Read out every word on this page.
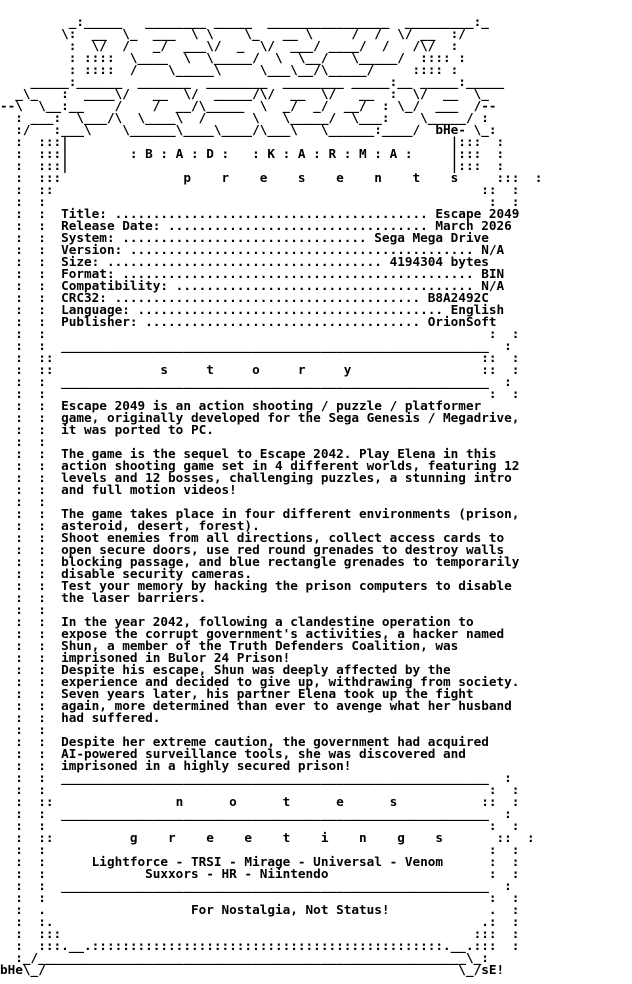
_:_____   ________ _____  ________________  _________:_
\:  __  \_  ___  \ \    \_   __ \     /  /  \/ __  :/
:  \/  /   _/  ___\/  _  \/  ___/ ____/  /   /\/  :
: ::::  \____  \  \_____/  \  \__/   \_____/  :::: :
: ::::  /    \_____\     \___\__/\_____/     :::: :
_____:______  _______  ________  ________ _____:__ _____:_____
_\_   :  ____\/   __  \/  _____/\/  __  \/   __  :  \/  __  \_
--\  \__:__    /    /  __/\_____  \  _/  _/  __/  : \_/  ___  /--
: ___:  \___/\  \____\  /      \   \_____/  \___:    \_____/ :
:/   :___\    \______\____\____/\___\   \______:____/  bHe- \_:
:  :::|                                                  |:::  :
:  :::|        : B : A : D :   : K : A : R : M : A :     |:::  :
:  :::|                                                  |:::  :
:  :::                p    r    e    s    e    n    t    s     :::  :
:  ::                                                        ::  :
:  :                                                          :  :
:  :  Title: ......................................... Escape 2049
:  :  Release Date: .................................. March 2026
:  :  System: ................................ Sega Mega Drive
:  :  Version: ............................................. N/A
:  :  Size: .................................... 4194304 bytes
:  :  Format: .............................................. BIN
:  :  Compatibility: ....................................... N/A
:  :  CRC32: ........................................ B8A2492C
:  :  Language: ........................................ English
:  :  Publisher: .................................... OrionSoft
:  :                                                          :  :
:  :  ________________________________________________________  :
:  ::                                                        ::  :
:  ::              s     t     o     r     y                 ::  :
:  :  ________________________________________________________  :
:  :                                                          :  :
:  :  Escape 2049 is an action shooting / puzzle / platformer
:  :  game, originally developed for the Sega Genesis / Megadrive,
:  :  it was ported to PC.
:  :
:  :  The game is the sequel to Escape 2042. Play Elena in this
:  :  action shooting game set in 4 different worlds, featuring 12
:  :  levels and 12 bosses, challenging puzzles, a stunning intro
:  :  and full motion videos!
:  :
:  :  The game takes place in four different environments (prison,
:  :  asteroid, desert, forest).
:  :  Shoot enemies from all directions, collect access cards to
:  :  open secure doors, use red round grenades to destroy walls
:  :  blocking passage, and blue rectangle grenades to temporarily
:  :  disable security cameras.
:  :  Test your memory by hacking the prison computers to disable
:  :  the laser barriers.
:  :
:  :  In the year 2042, following a clandestine operation to
:  :  expose the corrupt government's activities, a hacker named
:  :  Shun, a member of the Truth Defenders Coalition, was
:  :  imprisoned in Bulor 24 Prison!
:  :  Despite his escape, Shun was deeply affected by the
:  :  experience and decided to give up, withdrawing from society.
:  :  Seven years later, his partner Elena took up the fight
:  :  again, more determined than ever to avenge what her husband
:  :  had suffered.
:  :
:  :  Despite her extreme caution, the government had acquired
:  :  AI-powered surveillance tools, she was discovered and
:  :  imprisoned in a highly secured prison!
:  :  ________________________________________________________  :
:  :                                                          :  :
:  ::                n      o      t      e      s           ::  :
:  :  ________________________________________________________  :
:  :                                                          :  :
:  ::          g    r    e    e    t    i    n    g    s       ::  :
:  :                                                          :  :
:  :      Lightforce - TRSI - Mirage - Universal - Venom      :  :
:  :             Suxxors - HR - Niintendo                     :  :
:  :  ________________________________________________________  :
:  :                                                          :  :
:  .                   For Nostalgia, Not Status!             .  :
:  :.                                                        .:  :
:  :::                                                      :::  :
:  :::.__.::::::::::::::::::::::::::::::::::::::::::::::.__.:::  :
:_/________________________________________________________\_:
bHe\_/                                                      \_/sE!
